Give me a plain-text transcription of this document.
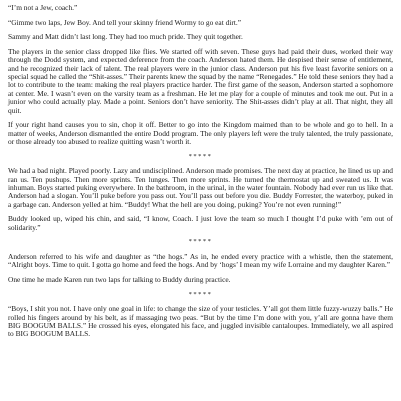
“I’m not a Jew, coach.”

“Gimme two laps, Jew Boy. And tell your skinny friend Wormy to go eat dirt.”

Sammy and Matt didn’t last long. They had too much pride. They quit together.

The players in the senior class dropped like flies. We started off with seven. These guys had paid their dues, worked their way through the Dodd system, and expected deference from the coach. Anderson hated them. He despised their sense of entitlement, and he recognized their lack of talent. The real players were in the junior class. Anderson put his five least favorite seniors on a special squad he called the “Shit-asses.” Their parents knew the squad by the name “Renegades.” He told these seniors they had a lot to contribute to the team: making the real players practice harder. The first game of the season, Anderson started a sophomore at center. Me. I wasn’t even on the varsity team as a freshman. He let me play for a couple of minutes and took me out. Put in a junior who could actually play. Made a point. Seniors don’t have seniority. The Shit-asses didn’t play at all. That night, they all quit.

If your right hand causes you to sin, chop it off. Better to go into the Kingdom maimed than to be whole and go to hell. In a matter of weeks, Anderson dismantled the entire Dodd program. The only players left were the truly talented, the truly passionate, or those already too abused to realize quitting wasn’t worth it.

*****

We had a bad night. Played poorly. Lazy and undisciplined. Anderson made promises. The next day at practice, he lined us up and ran us. Ten pushups. Then more sprints. Ten lunges. Then more sprints. He turned the thermostat up and sweated us. It was inhuman. Boys started puking everywhere. In the bathroom, in the urinal, in the water fountain. Nobody had ever run us like that. Anderson had a slogan. You’ll puke before you pass out. You’ll pass out before you die. Buddy Forrester, the waterboy, puked in a garbage can. Anderson yelled at him. “Buddy! What the hell are you doing, puking? You’re not even running!”

Buddy looked up, wiped his chin, and said, “I know, Coach. I just love the team so much I thought I’d puke with ’em out of solidarity.”

*****

Anderson referred to his wife and daughter as “the hogs.” As in, he ended every practice with a whistle, then the statement, “Alright boys. Time to quit. I gotta go home and feed the hogs. And by ‘hogs’ I mean my wife Lorraine and my daughter Karen.”

One time he made Karen run two laps for talking to Buddy during practice.

*****

“Boys, I shit you not. I have only one goal in life: to change the size of your testicles. Y’all got them little fuzzy-wuzzy balls.” He rolled his fingers around by his belt, as if massaging two peas. “But by the time I’m done with you, y’all are gonna have them BIG BOOGUM BALLS.” He crossed his eyes, elongated his face, and juggled invisible cantaloupes. Immediately, we all aspired to BIG BOOGUM BALLS.
